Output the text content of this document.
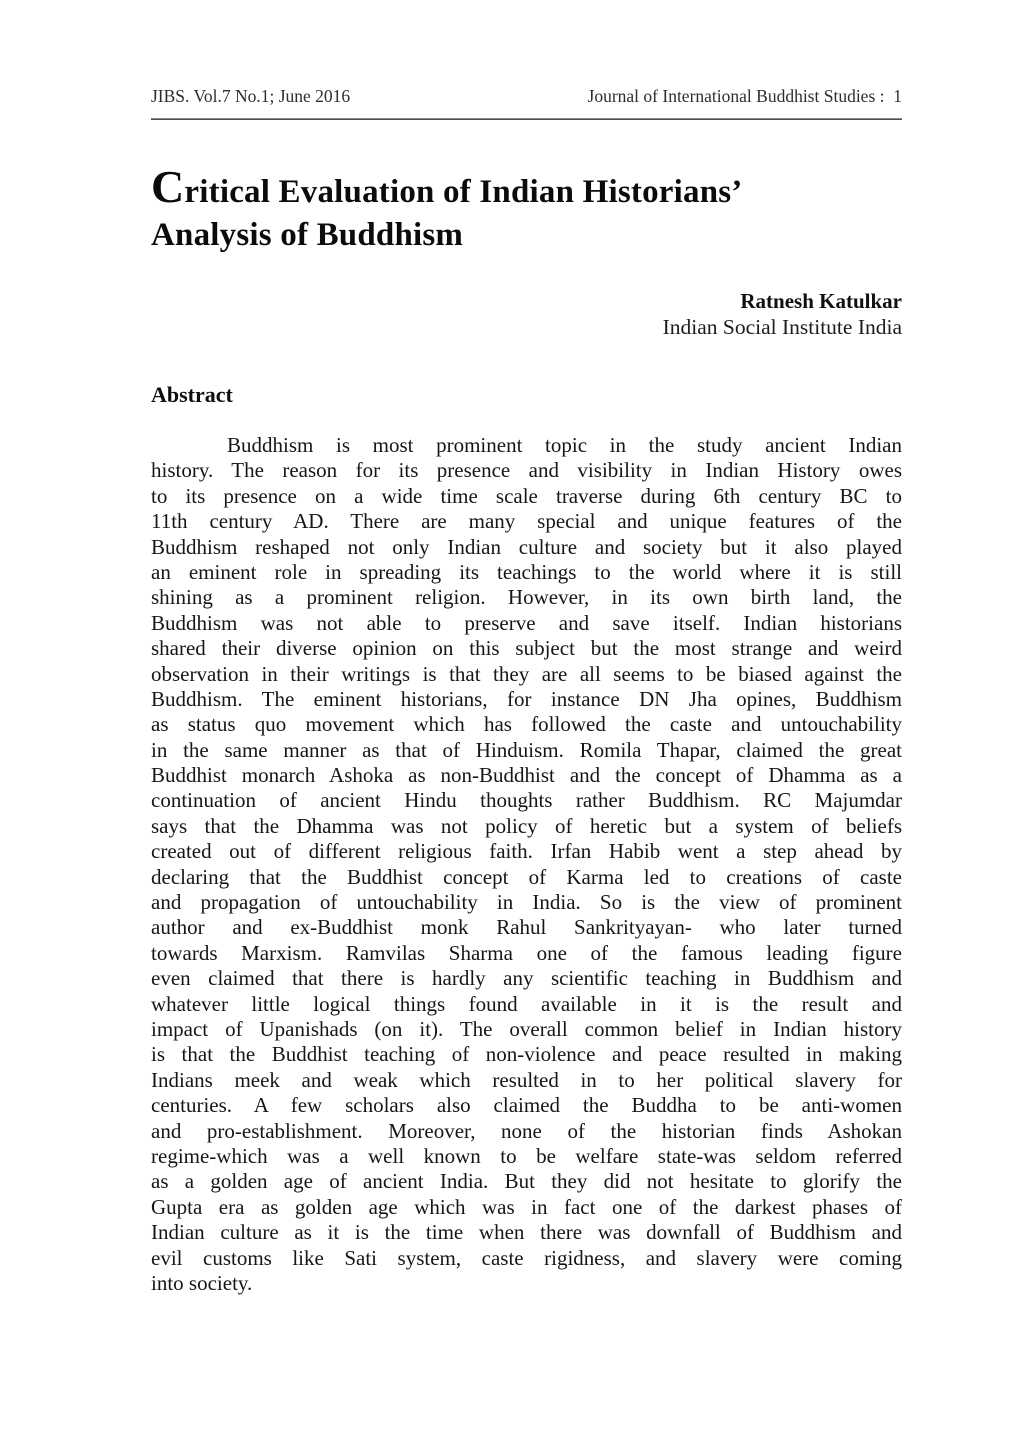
JIBS. Vol.7 No.1; June 2016	Journal of International Buddhist Studies :  1
Critical Evaluation of Indian Historians’
Analysis of Buddhism
Ratnesh Katulkar
Indian Social Institute India
Abstract
Buddhism is most prominent topic in the study ancient Indian
history. The reason for its presence and visibility in Indian History owes
to its presence on a wide time scale traverse during 6th century BC to
11th century AD. There are many special and unique features of the
Buddhism reshaped not only Indian culture and society but it also played
an eminent role in spreading its teachings to the world where it is still
shining as a prominent religion. However, in its own birth land, the
Buddhism was not able to preserve and save itself. Indian historians
shared their diverse opinion on this subject but the most strange and weird
observation in their writings is that they are all seems to be biased against the
Buddhism. The eminent historians, for instance DN Jha opines, Buddhism
as status quo movement which has followed the caste and untouchability
in the same manner as that of Hinduism. Romila Thapar, claimed the great
Buddhist monarch Ashoka as non-Buddhist and the concept of Dhamma as a
continuation of ancient Hindu thoughts rather Buddhism. RC Majumdar
says that the Dhamma was not policy of heretic but a system of beliefs
created out of different religious faith. Irfan Habib went a step ahead by
declaring that the Buddhist concept of Karma led to creations of caste
and propagation of untouchability in India. So is the view of prominent
author and ex-Buddhist monk Rahul Sankrityayan- who later turned
towards Marxism. Ramvilas Sharma one of the famous leading figure
even claimed that there is hardly any scientific teaching in Buddhism and
whatever little logical things found available in it is the result and
impact of Upanishads (on it). The overall common belief in Indian history
is that the Buddhist teaching of non-violence and peace resulted in making
Indians meek and weak which resulted in to her political slavery for
centuries. A few scholars also claimed the Buddha to be anti-women
and pro-establishment. Moreover, none of the historian finds Ashokan
regime-which was a well known to be welfare state-was seldom referred
as a golden age of ancient India. But they did not hesitate to glorify the
Gupta era as golden age which was in fact one of the darkest phases of
Indian culture as it is the time when there was downfall of Buddhism and
evil customs like Sati system, caste rigidness, and slavery were coming
into society.
